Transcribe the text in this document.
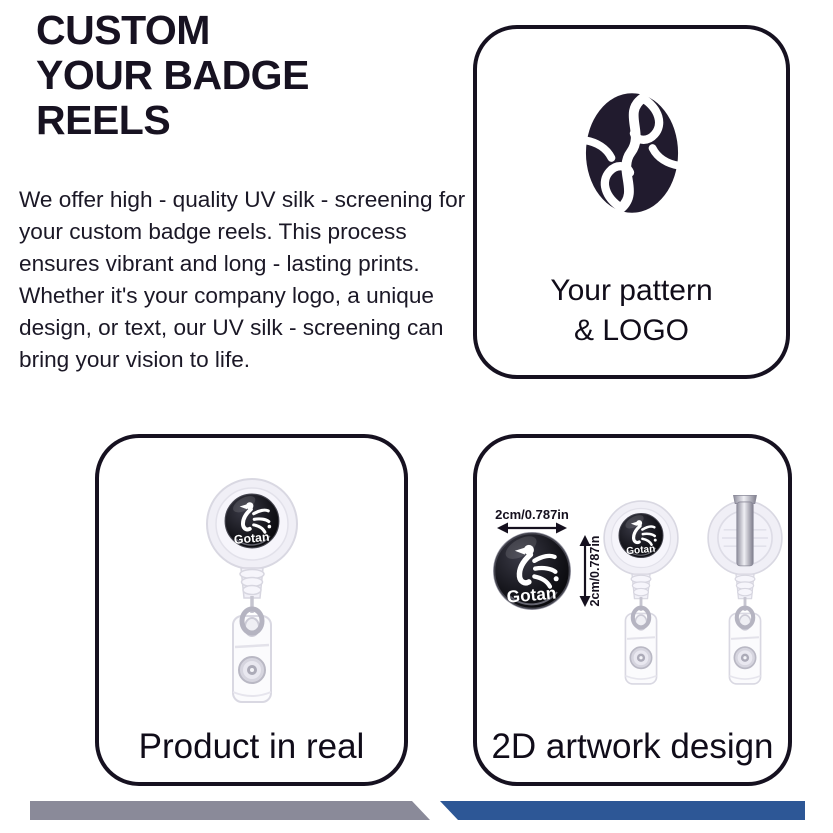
CUSTOM
YOUR BADGE
REELS

We offer high - quality UV silk - screening for your custom badge reels. This process ensures vibrant and long - lasting prints. Whether it's your company logo, a unique design, or text, our UV silk - screening can bring your vision to life.

Your pattern
& LOGO
Product in real
2cm/0.787in
2cm/0.787in
2D artwork design
